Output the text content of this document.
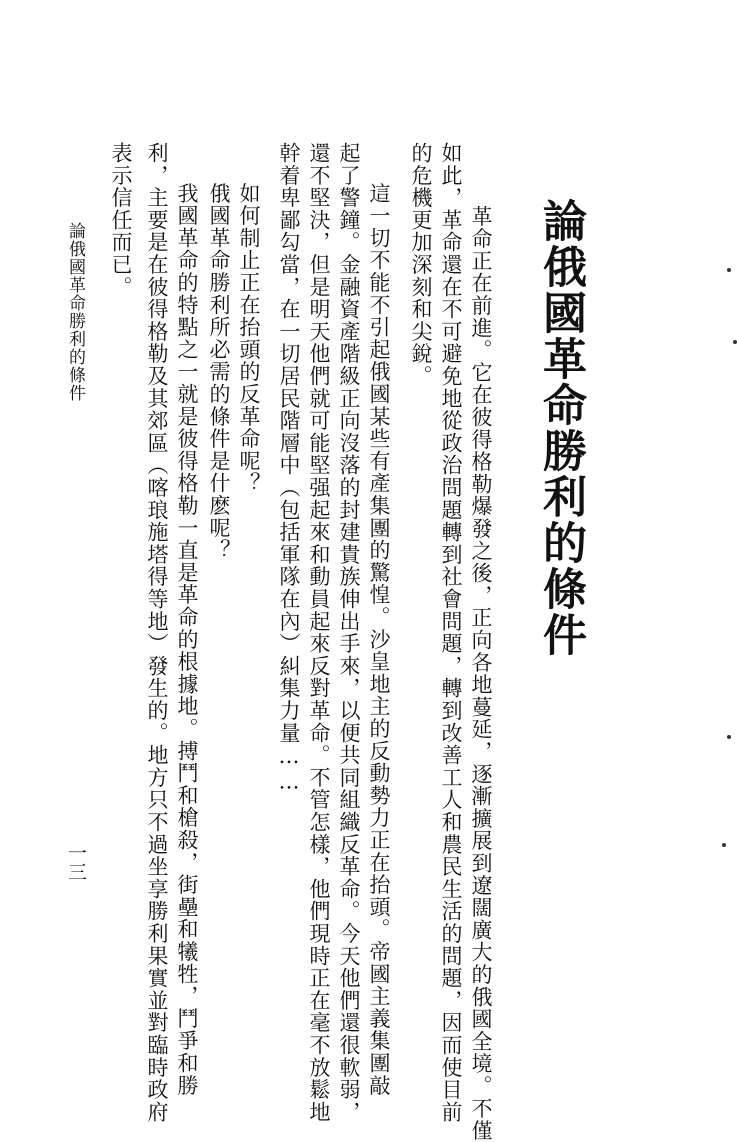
論俄國革命勝利的條件
　革命正在前進。它在彼得格勒爆發之後，正向各地蔓延，逐漸擴展到遼闊廣大的俄國全境。不僅
如此，革命還在不可避免地從政治問題轉到社會問題，轉到改善工人和農民生活的問題，因而使目前
的危機更加深刻和尖銳。
　這一切不能不引起俄國某些有產集團的驚惶。沙皇地主的反動勢力正在抬頭。帝國主義集團敲
起了警鐘。金融資產階級正向沒落的封建貴族伸出手來，以便共同組織反革命。今天他們還很軟弱，
還不堅決，但是明天他們就可能堅强起來和動員起來反對革命。不管怎樣，他們現時正在毫不放鬆地
幹着卑鄙勾當，在一切居民階層中（包括軍隊在內）糾集力量……
　如何制止正在抬頭的反革命呢？
　俄國革命勝利所必需的條件是什麽呢？
　我國革命的特點之一就是彼得格勒一直是革命的根據地。搏鬥和槍殺，街壘和犧牲，鬥爭和勝
利，主要是在彼得格勒及其郊區（喀琅施塔得等地）發生的。地方只不過坐享勝利果實並對臨時政府
表示信任而已。
論俄國革命勝利的條件
一三
